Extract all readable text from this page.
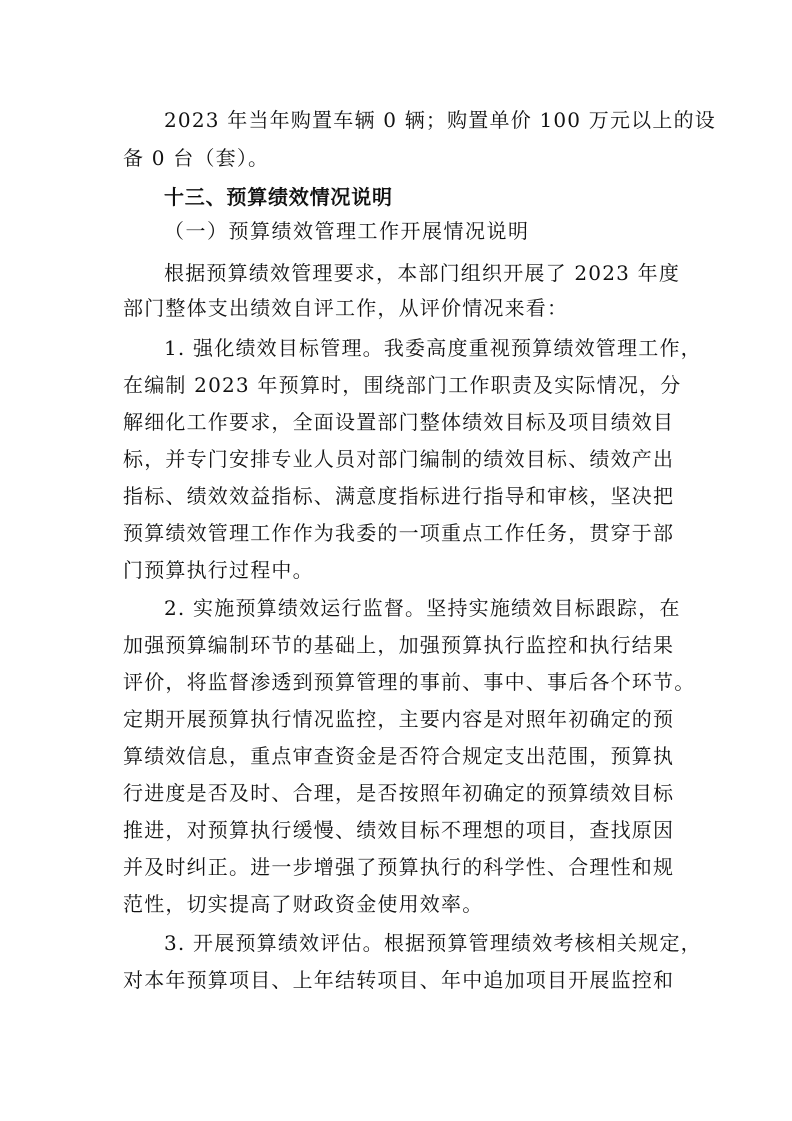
2023 年当年购置车辆 0 辆；购置单价 100 万元以上的设

备 0 台（套）。

十三、预算绩效情况说明

（一）预算绩效管理工作开展情况说明

根据预算绩效管理要求，本部门组织开展了 2023 年度

部门整体支出绩效自评工作，从评价情况来看：

1. 强化绩效目标管理。我委高度重视预算绩效管理工作，

在编制 2023 年预算时，围绕部门工作职责及实际情况，分

解细化工作要求，全面设置部门整体绩效目标及项目绩效目

标，并专门安排专业人员对部门编制的绩效目标、绩效产出

指标、绩效效益指标、满意度指标进行指导和审核，坚决把

预算绩效管理工作作为我委的一项重点工作任务，贯穿于部

门预算执行过程中。

2. 实施预算绩效运行监督。坚持实施绩效目标跟踪，在

加强预算编制环节的基础上，加强预算执行监控和执行结果

评价，将监督渗透到预算管理的事前、事中、事后各个环节。

定期开展预算执行情况监控，主要内容是对照年初确定的预

算绩效信息，重点审查资金是否符合规定支出范围，预算执

行进度是否及时、合理，是否按照年初确定的预算绩效目标

推进，对预算执行缓慢、绩效目标不理想的项目，查找原因

并及时纠正。进一步增强了预算执行的科学性、合理性和规

范性，切实提高了财政资金使用效率。

3. 开展预算绩效评估。根据预算管理绩效考核相关规定，

对本年预算项目、上年结转项目、年中追加项目开展监控和
